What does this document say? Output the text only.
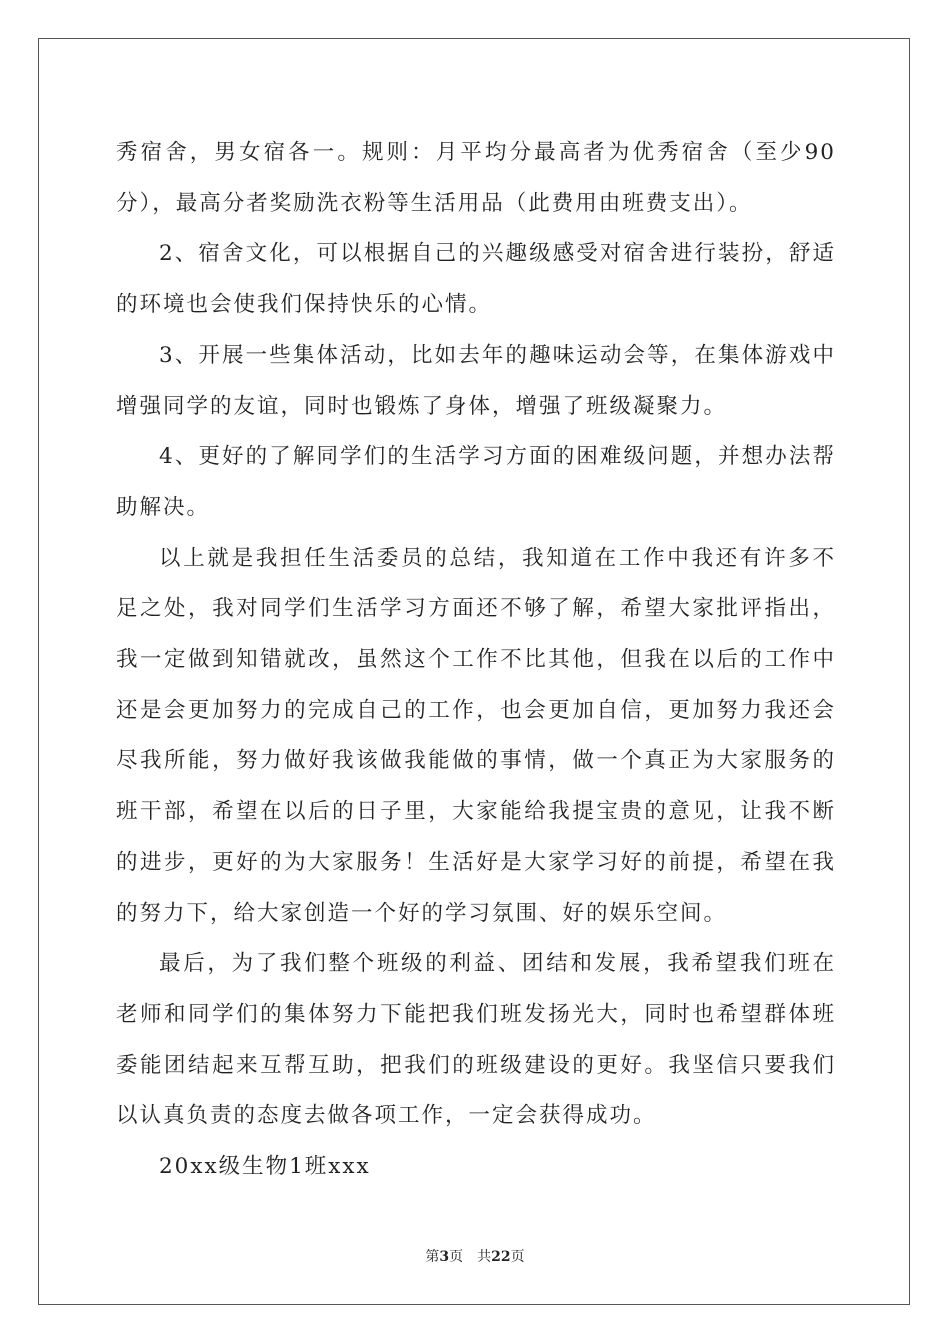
秀宿舍，男女宿各一。规则：月平均分最高者为优秀宿舍（至少90分），最高分者奖励洗衣粉等生活用品（此费用由班费支出）。

2、宿舍文化，可以根据自己的兴趣级感受对宿舍进行装扮，舒适的环境也会使我们保持快乐的心情。

3、开展一些集体活动，比如去年的趣味运动会等，在集体游戏中增强同学的友谊，同时也锻炼了身体，增强了班级凝聚力。

4、更好的了解同学们的生活学习方面的困难级问题，并想办法帮助解决。

以上就是我担任生活委员的总结，我知道在工作中我还有许多不足之处，我对同学们生活学习方面还不够了解，希望大家批评指出，我一定做到知错就改，虽然这个工作不比其他，但我在以后的工作中还是会更加努力的完成自己的工作，也会更加自信，更加努力我还会尽我所能，努力做好我该做我能做的事情，做一个真正为大家服务的班干部，希望在以后的日子里，大家能给我提宝贵的意见，让我不断的进步，更好的为大家服务！生活好是大家学习好的前提，希望在我的努力下，给大家创造一个好的学习氛围、好的娱乐空间。

最后，为了我们整个班级的利益、团结和发展，我希望我们班在老师和同学们的集体努力下能把我们班发扬光大，同时也希望群体班委能团结起来互帮互助，把我们的班级建设的更好。我坚信只要我们以认真负责的态度去做各项工作，一定会获得成功。

20xx级生物1班xxx

第3页 共22页
